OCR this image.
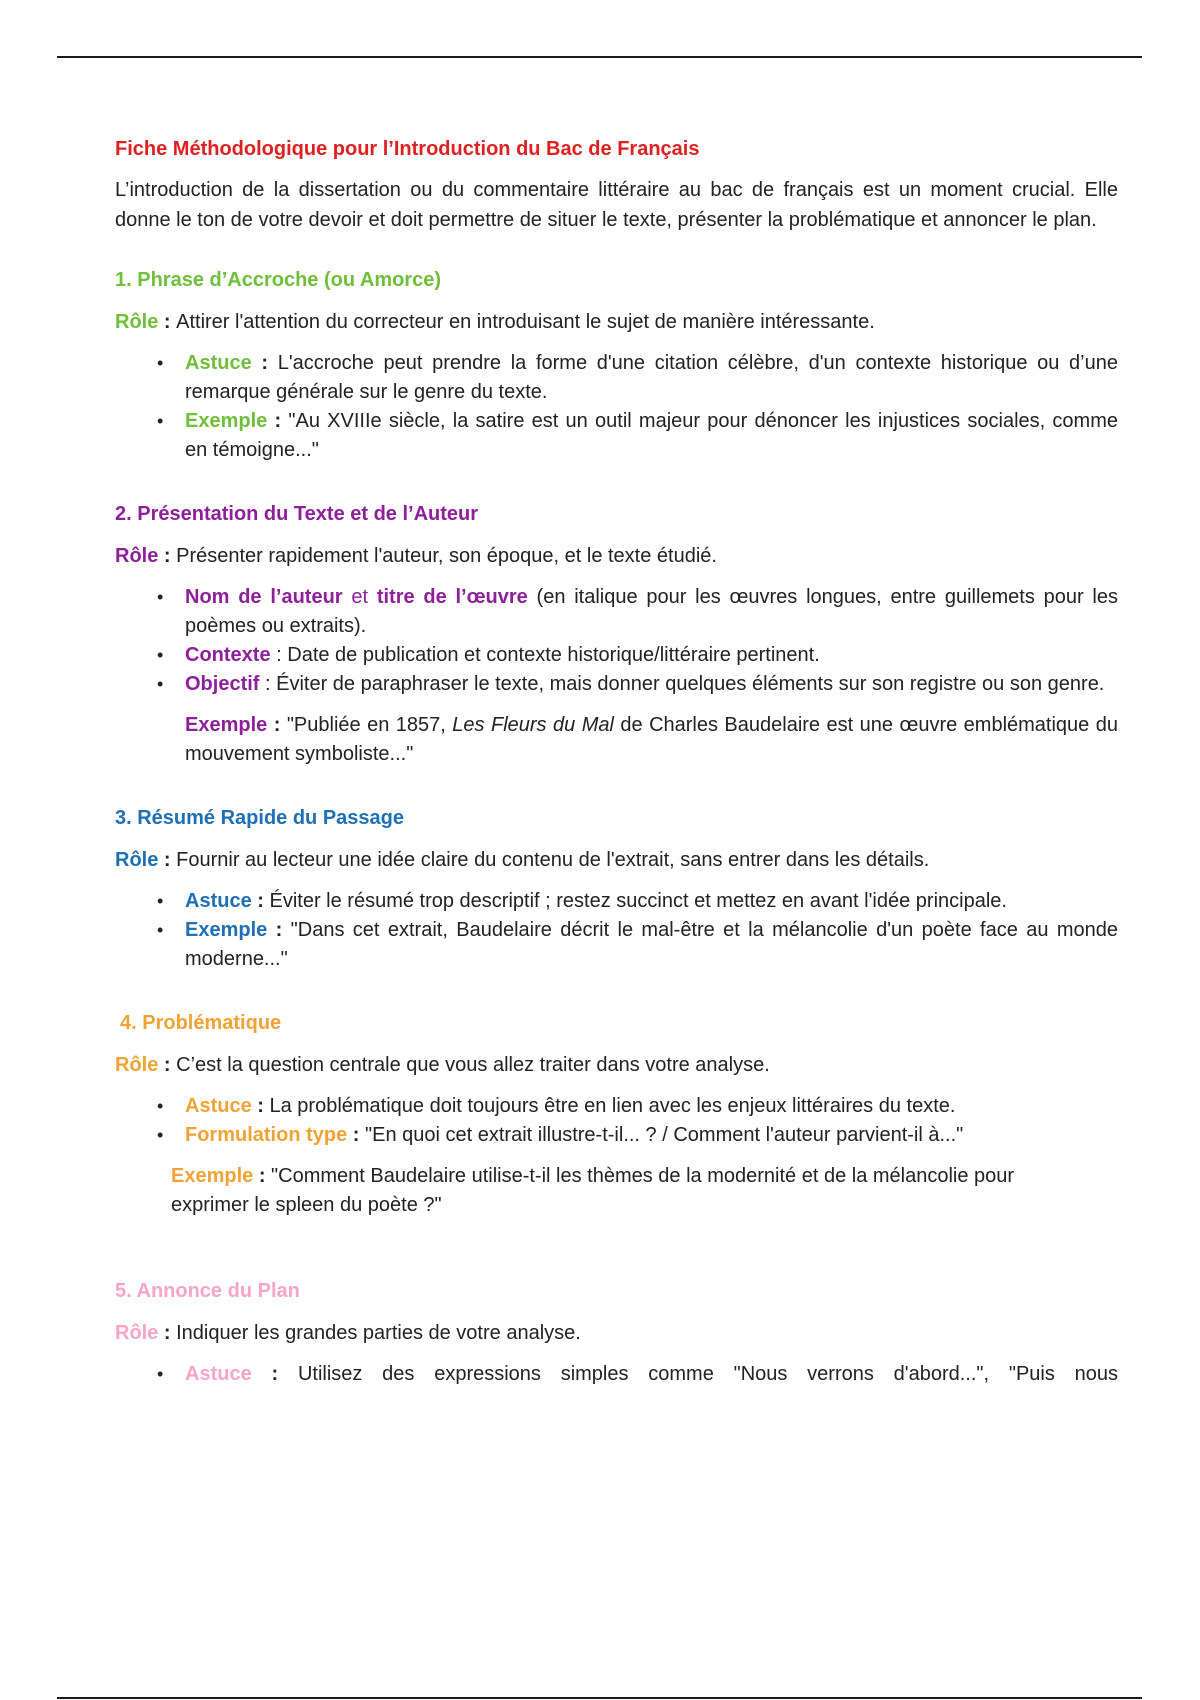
Fiche Méthodologique pour l’Introduction du Bac de Français

L’introduction de la dissertation ou du commentaire littéraire au bac de français est un moment crucial. Elle donne le ton de votre devoir et doit permettre de situer le texte, présenter la problématique et annoncer le plan.

1. Phrase d’Accroche (ou Amorce)

Rôle : Attirer l'attention du correcteur en introduisant le sujet de manière intéressante.

• Astuce : L'accroche peut prendre la forme d'une citation célèbre, d'un contexte historique ou d’une remarque générale sur le genre du texte.
• Exemple : "Au XVIIIe siècle, la satire est un outil majeur pour dénoncer les injustices sociales, comme en témoigne..."
2. Présentation du Texte et de l’Auteur

Rôle : Présenter rapidement l'auteur, son époque, et le texte étudié.

• Nom de l’auteur et titre de l’œuvre (en italique pour les œuvres longues, entre guillemets pour les poèmes ou extraits).
• Contexte : Date de publication et contexte historique/littéraire pertinent.
• Objectif : Éviter de paraphraser le texte, mais donner quelques éléments sur son registre ou son genre.
Exemple : "Publiée en 1857, Les Fleurs du Mal de Charles Baudelaire est une œuvre emblématique du mouvement symboliste..."
3. Résumé Rapide du Passage

Rôle : Fournir au lecteur une idée claire du contenu de l'extrait, sans entrer dans les détails.

• Astuce : Éviter le résumé trop descriptif ; restez succinct et mettez en avant l'idée principale.
• Exemple : "Dans cet extrait, Baudelaire décrit le mal-être et la mélancolie d'un poète face au monde moderne..."
4. Problématique

Rôle : C’est la question centrale que vous allez traiter dans votre analyse.

• Astuce : La problématique doit toujours être en lien avec les enjeux littéraires du texte.
• Formulation type : "En quoi cet extrait illustre-t-il... ? / Comment l'auteur parvient-il à..."
Exemple : "Comment Baudelaire utilise-t-il les thèmes de la modernité et de la mélancolie pour exprimer le spleen du poète ?"
5. Annonce du Plan

Rôle : Indiquer les grandes parties de votre analyse.

• Astuce : Utilisez des expressions simples comme "Nous verrons d'abord...", "Puis nous
